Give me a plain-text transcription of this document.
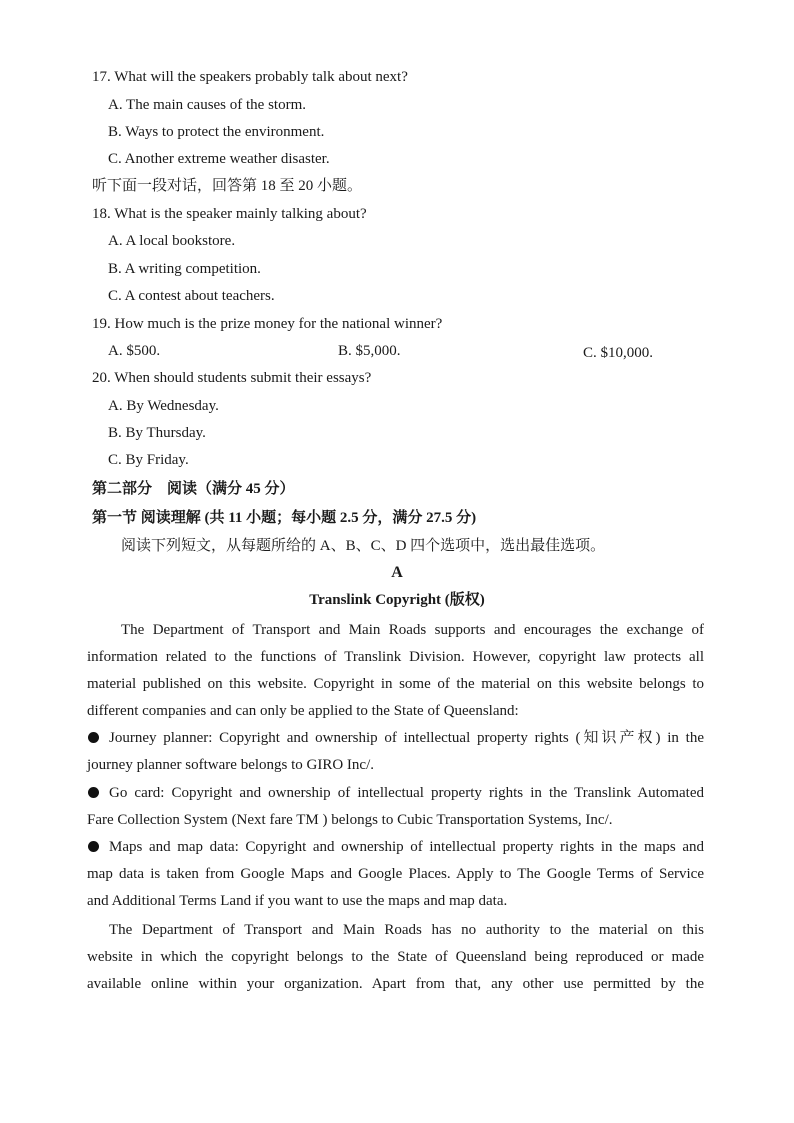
17. What will the speakers probably talk about next?
A. The main causes of the storm.
B. Ways to protect the environment.
C. Another extreme weather disaster.
听下面一段对话，回答第 18 至 20 小题。
18. What is the speaker mainly talking about?
A. A local bookstore.
B. A writing competition.
C. A contest about teachers.
19. How much is the prize money for the national winner?
A. $500.	B. $5,000.	C. $10,000.
20. When should students submit their essays?
A. By Wednesday.
B. By Thursday.
C. By Friday.
第二部分　阅读（满分 45 分）
第一节 阅读理解 (共 11 小题；每小题 2.5 分，满分 27.5 分)
阅读下列短文，从每题所给的 A、B、C、D 四个选项中，选出最佳选项。
A
Translink Copyright (版权)
The Department of Transport and Main Roads supports and encourages the exchange of
information related to the functions of Translink Division. However, copyright law protects all
material published on this website. Copyright in some of the material on this website belongs to
different companies and can only be applied to the State of Queensland:
Journey planner: Copyright and ownership of intellectual property rights (知识产权) in the
journey planner software belongs to GIRO Inc/.
Go card: Copyright and ownership of intellectual property rights in the Translink Automated
Fare Collection System (Next fare TM ) belongs to Cubic Transportation Systems, Inc/.
Maps and map data: Copyright and ownership of intellectual property rights in the maps and
map data is taken from Google Maps and Google Places. Apply to The Google Terms of Service
and Additional Terms Land if you want to use the maps and map data.
The Department of Transport and Main Roads has no authority to the material on this
website in which the copyright belongs to the State of Queensland being reproduced or made
available online within your organization. Apart from that, any other use permitted by the
